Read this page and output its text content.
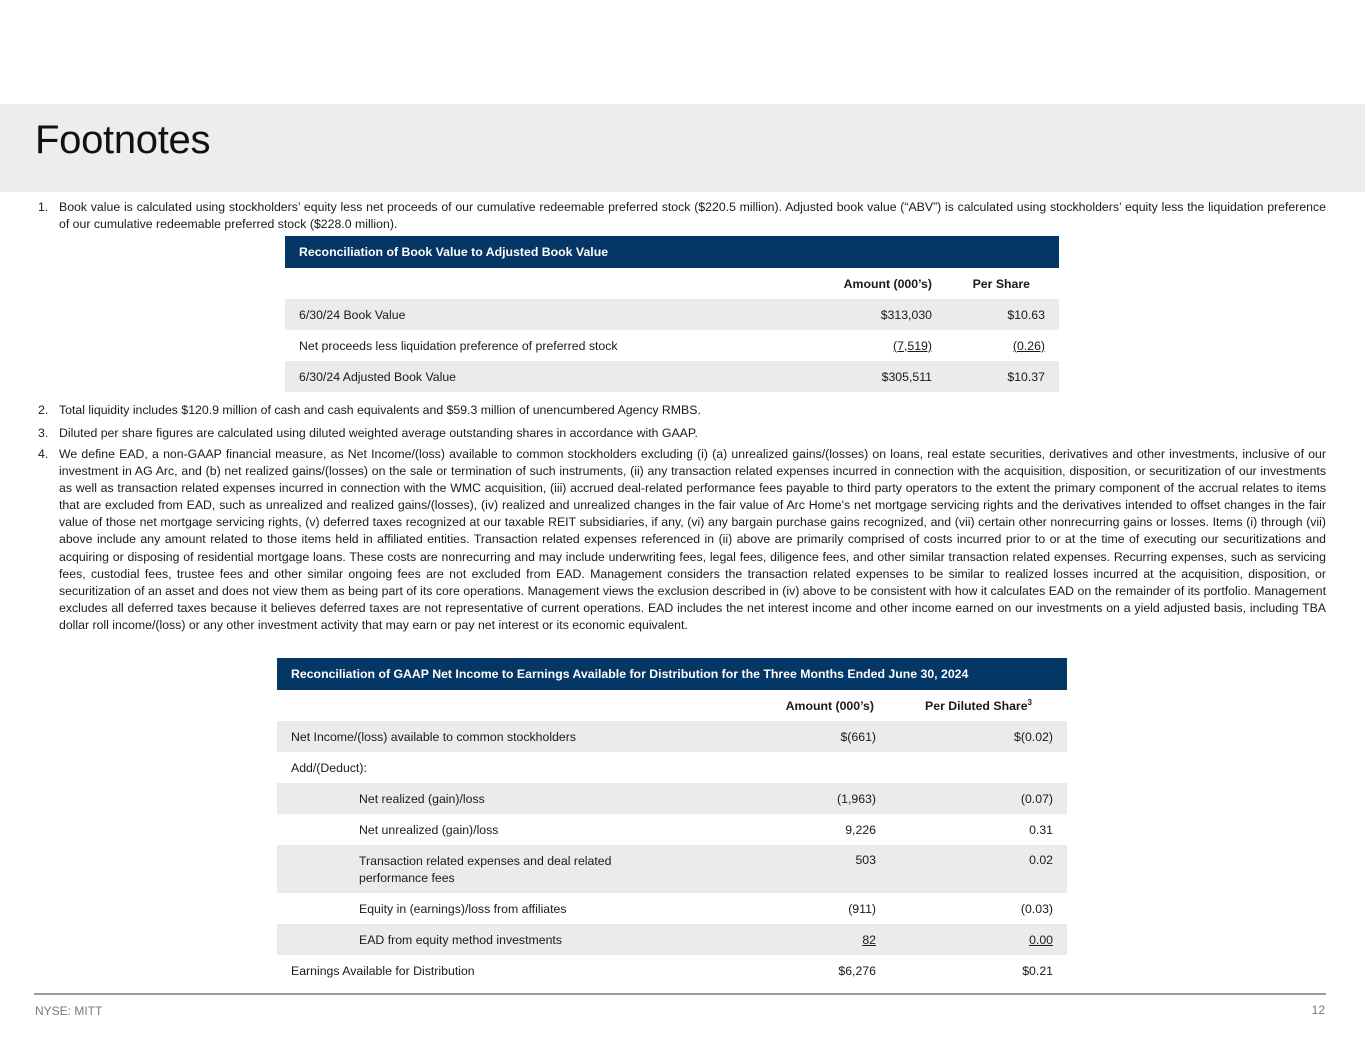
Footnotes
1. Book value is calculated using stockholders’ equity less net proceeds of our cumulative redeemable preferred stock ($220.5 million). Adjusted book value (“ABV”) is calculated using stockholders’ equity less the liquidation preference of our cumulative redeemable preferred stock ($228.0 million).
Reconciliation of Book Value to Adjusted Book Value		
	Amount (000’s)	Per Share
6/30/24 Book Value	$313,030	$10.63
Net proceeds less liquidation preference of preferred stock	(7,519)	(0.26)
6/30/24 Adjusted Book Value	$305,511	$10.37
2. Total liquidity includes $120.9 million of cash and cash equivalents and $59.3 million of unencumbered Agency RMBS.
3. Diluted per share figures are calculated using diluted weighted average outstanding shares in accordance with GAAP.
4. We define EAD, a non-GAAP financial measure, as Net Income/(loss) available to common stockholders excluding (i) (a) unrealized gains/(losses) on loans, real estate securities, derivatives and other investments, inclusive of our investment in AG Arc, and (b) net realized gains/(losses) on the sale or termination of such instruments, (ii) any transaction related expenses incurred in connection with the acquisition, disposition, or securitization of our investments as well as transaction related expenses incurred in connection with the WMC acquisition, (iii) accrued deal-related performance fees payable to third party operators to the extent the primary component of the accrual relates to items that are excluded from EAD, such as unrealized and realized gains/(losses), (iv) realized and unrealized changes in the fair value of Arc Home's net mortgage servicing rights and the derivatives intended to offset changes in the fair value of those net mortgage servicing rights, (v) deferred taxes recognized at our taxable REIT subsidiaries, if any, (vi) any bargain purchase gains recognized, and (vii) certain other nonrecurring gains or losses. Items (i) through (vii) above include any amount related to those items held in affiliated entities. Transaction related expenses referenced in (ii) above are primarily comprised of costs incurred prior to or at the time of executing our securitizations and acquiring or disposing of residential mortgage loans. These costs are nonrecurring and may include underwriting fees, legal fees, diligence fees, and other similar transaction related expenses. Recurring expenses, such as servicing fees, custodial fees, trustee fees and other similar ongoing fees are not excluded from EAD. Management considers the transaction related expenses to be similar to realized losses incurred at the acquisition, disposition, or securitization of an asset and does not view them as being part of its core operations. Management views the exclusion described in (iv) above to be consistent with how it calculates EAD on the remainder of its portfolio. Management excludes all deferred taxes because it believes deferred taxes are not representative of current operations. EAD includes the net interest income and other income earned on our investments on a yield adjusted basis, including TBA dollar roll income/(loss) or any other investment activity that may earn or pay net interest or its economic equivalent.
Reconciliation of GAAP Net Income to Earnings Available for Distribution for the Three Months Ended June 30, 2024		
	Amount (000’s)	Per Diluted Share$^3$
Net Income/(loss) available to common stockholders	$(661)	$(0.02)
Add/(Deduct):		
Net realized (gain)/loss	(1,963)	(0.07)
Net unrealized (gain)/loss	9,226	0.31
Transaction related expenses and deal related
performance fees	503	0.02
Equity in (earnings)/loss from affiliates	(911)	(0.03)
EAD from equity method investments	82	0.00
Earnings Available for Distribution	$6,276	$0.21
NYSE: MITT	12
